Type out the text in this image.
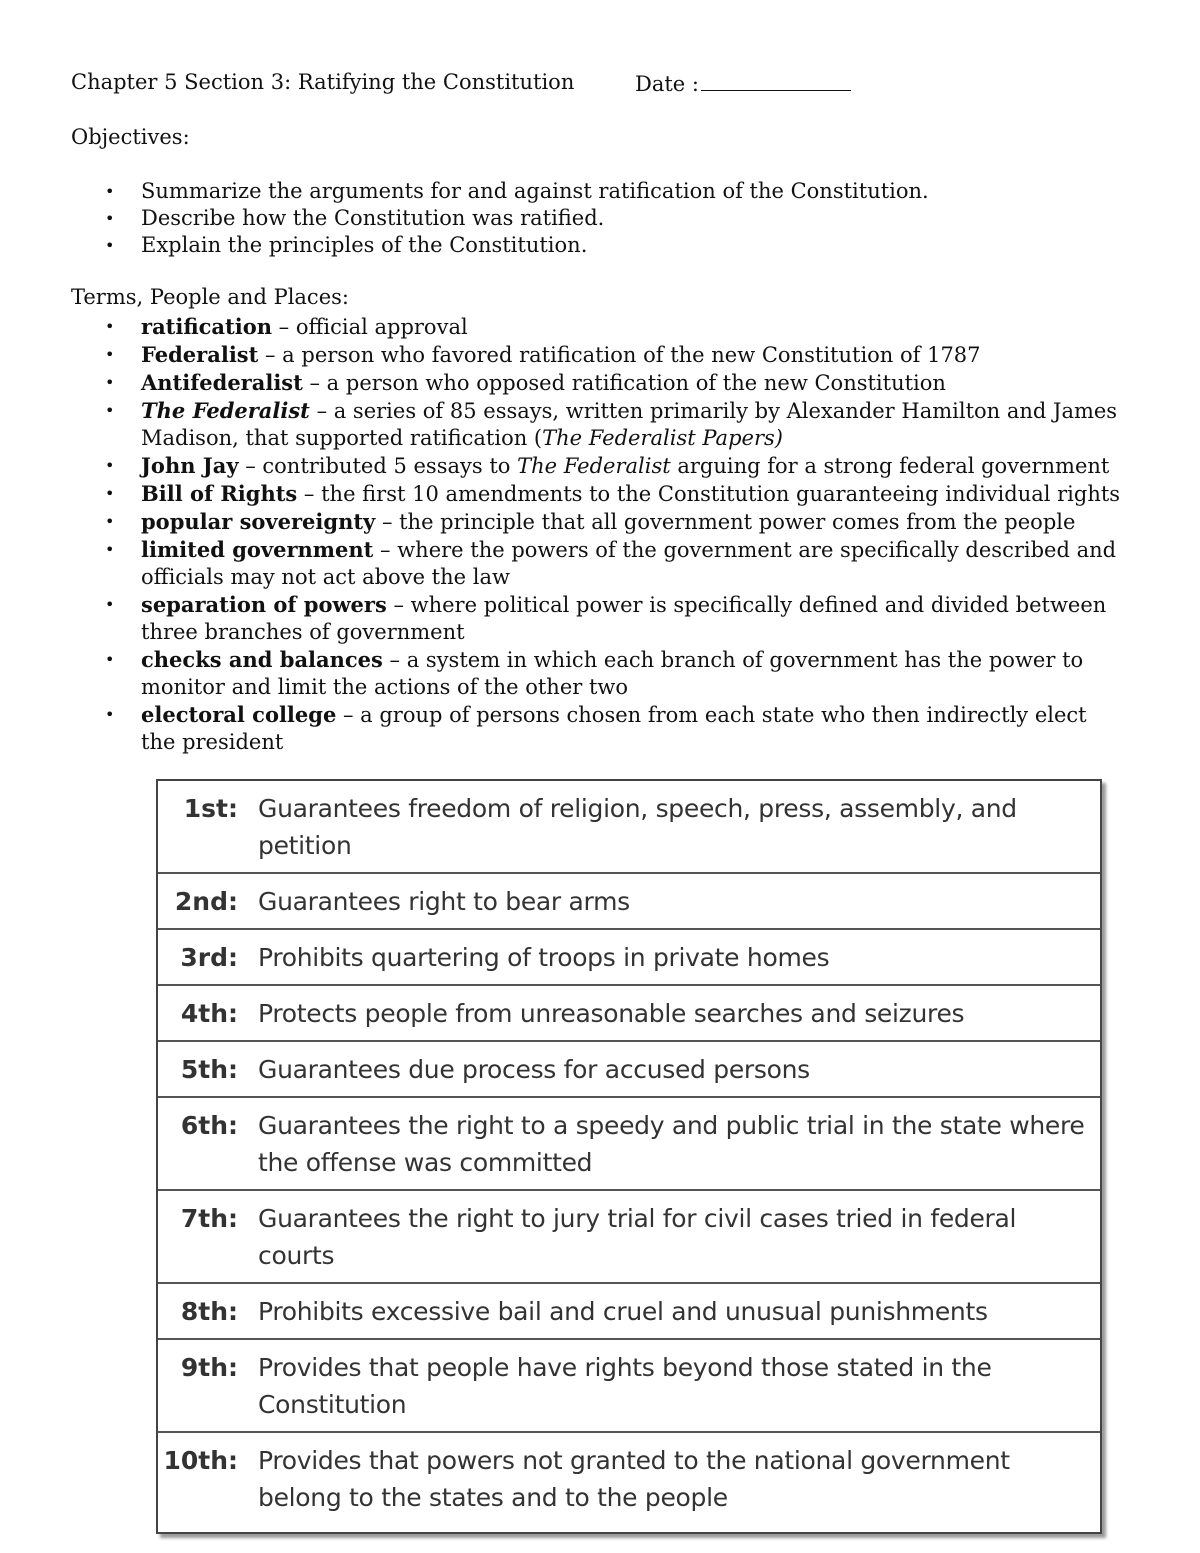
Chapter 5 Section 3: Ratifying the Constitution	Date :
Objectives:
• Summarize the arguments for and against ratification of the Constitution.
• Describe how the Constitution was ratified.
• Explain the principles of the Constitution.
Terms, People and Places:
• ratification – official approval
• Federalist – a person who favored ratification of the new Constitution of 1787
• Antifederalist – a person who opposed ratification of the new Constitution
• The Federalist – a series of 85 essays, written primarily by Alexander Hamilton and James Madison, that supported ratification (The Federalist Papers)
• John Jay – contributed 5 essays to The Federalist arguing for a strong federal government
• Bill of Rights – the first 10 amendments to the Constitution guaranteeing individual rights
• popular sovereignty – the principle that all government power comes from the people
• limited government – where the powers of the government are specifically described and officials may not act above the law
• separation of powers – where political power is specifically defined and divided between three branches of government
• checks and balances – a system in which each branch of government has the power to monitor and limit the actions of the other two
• electoral college – a group of persons chosen from each state who then indirectly elect the president
1st: Guarantees freedom of religion, speech, press, assembly, and petition
2nd: Guarantees right to bear arms
3rd: Prohibits quartering of troops in private homes
4th: Protects people from unreasonable searches and seizures
5th: Guarantees due process for accused persons
6th: Guarantees the right to a speedy and public trial in the state where the offense was committed
7th: Guarantees the right to jury trial for civil cases tried in federal courts
8th: Prohibits excessive bail and cruel and unusual punishments
9th: Provides that people have rights beyond those stated in the Constitution
10th: Provides that powers not granted to the national government belong to the states and to the people
